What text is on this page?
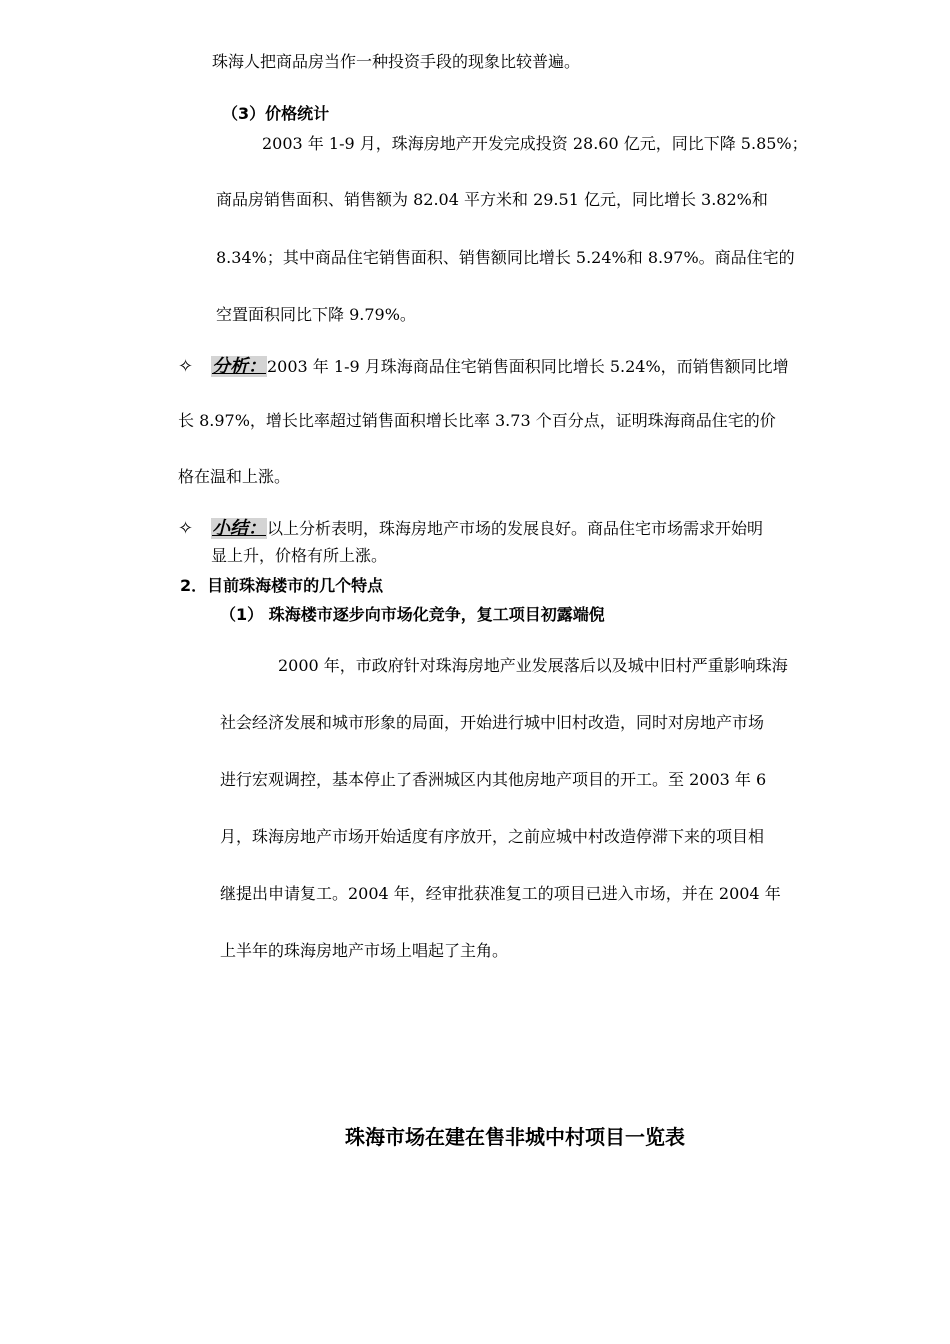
珠海人把商品房当作一种投资手段的现象比较普遍。
（3）价格统计
2003 年 1-9 月，珠海房地产开发完成投资 28.60 亿元，同比下降 5.85%；
商品房销售面积、销售额为 82.04 平方米和 29.51 亿元，同比增长 3.82%和
8.34%；其中商品住宅销售面积、销售额同比增长 5.24%和 8.97%。商品住宅的
空置面积同比下降 9.79%。
✧ 分析：2003 年 1-9 月珠海商品住宅销售面积同比增长 5.24%，而销售额同比增
长 8.97%，增长比率超过销售面积增长比率 3.73 个百分点，证明珠海商品住宅的价
格在温和上涨。
✧ 小结：以上分析表明，珠海房地产市场的发展良好。商品住宅市场需求开始明
显上升，价格有所上涨。
2．目前珠海楼市的几个特点
（1） 珠海楼市逐步向市场化竞争，复工项目初露端倪
2000 年，市政府针对珠海房地产业发展落后以及城中旧村严重影响珠海
社会经济发展和城市形象的局面，开始进行城中旧村改造，同时对房地产市场
进行宏观调控，基本停止了香洲城区内其他房地产项目的开工。至 2003 年 6
月，珠海房地产市场开始适度有序放开，之前应城中村改造停滞下来的项目相
继提出申请复工。2004 年，经审批获准复工的项目已进入市场，并在 2004 年
上半年的珠海房地产市场上唱起了主角。
珠海市场在建在售非城中村项目一览表
